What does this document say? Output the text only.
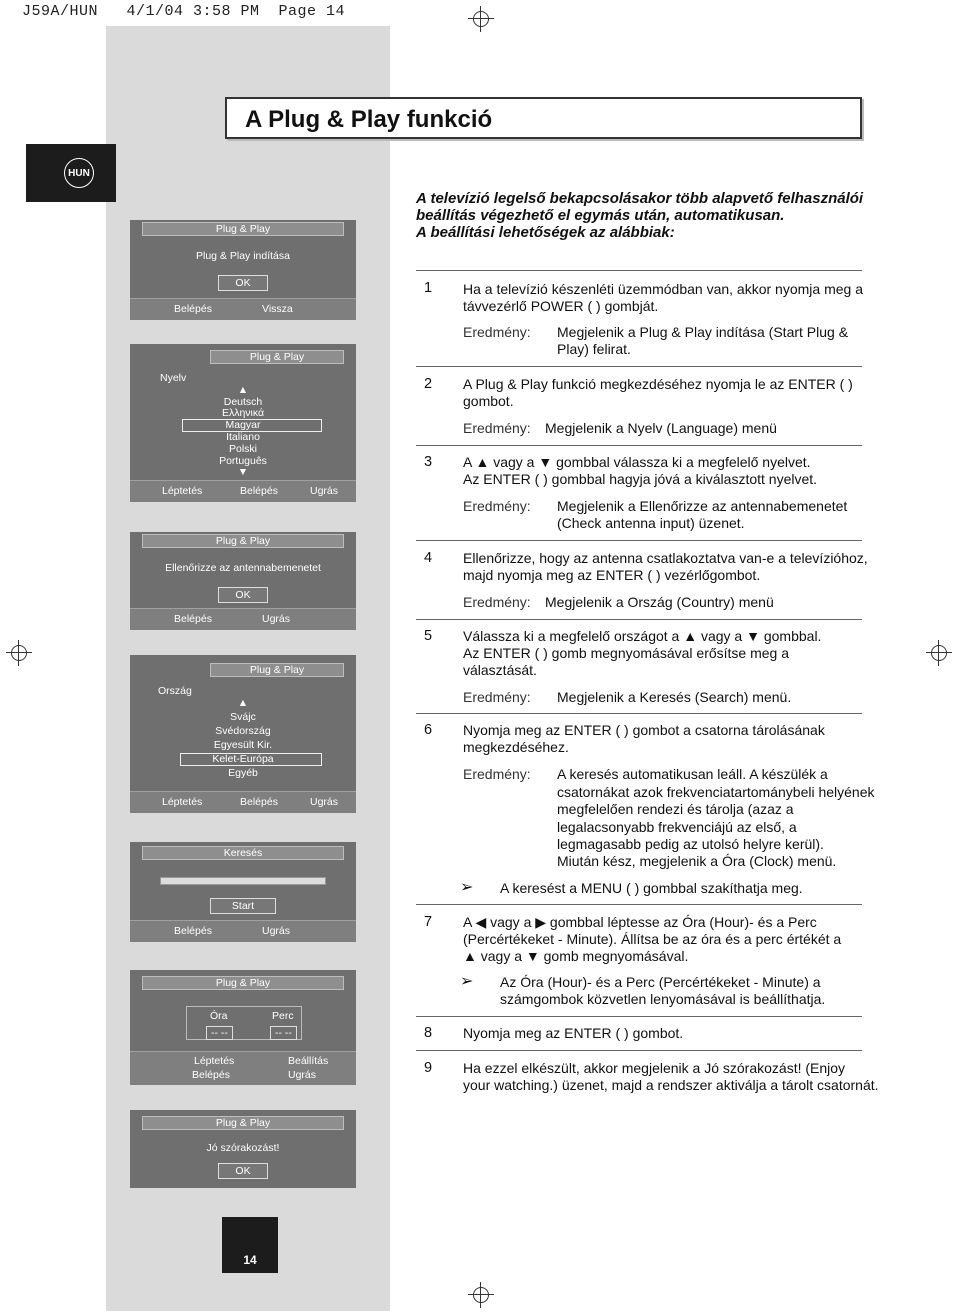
J59A/HUN   4/1/04 3:58 PM  Page 14
A Plug & Play funkció
HUN
Plug & Play
Plug & Play indítása
OK
Belépés	Vissza
Plug & Play
Nyelv
▲
Deutsch
Ελληνικά
Magyar
Italiano
Polski
Português
▼
Léptetés	Belépés	Ugrás
Plug & Play
Ellenőrizze az antennabemenetet
OK
Belépés	Ugrás
Plug & Play
Ország
▲
Svájc
Svédország
Egyesült Kir.
Kelet-Európa
Egyéb
Léptetés	Belépés	Ugrás
Keresés
Start
Belépés	Ugrás
Plug & Play
Óra	Perc
-- --	-- --
Léptetés	Beállítás
Belépés	Ugrás
Plug & Play
Jó szórakozást!
OK
14
A televízió legelső bekapcsolásakor több alapvető felhasználói
beállítás végezhető el egymás után, automatikusan.
A beállítási lehetőségek az alábbiak:
1 Ha a televízió készenléti üzemmódban van, akkor nyomja meg a
távvezérlő POWER ( ) gombját.
Eredmény: Megjelenik a Plug & Play indítása (Start Plug &
Play) felirat.
2 A Plug & Play funkció megkezdéséhez nyomja le az ENTER ( )
gombot.
Eredmény: Megjelenik a Nyelv (Language) menü
3 A ▲ vagy a ▼ gombbal válassza ki a megfelelő nyelvet.
Az ENTER ( ) gombbal hagyja jóvá a kiválasztott nyelvet.
Eredmény: Megjelenik a Ellenőrizze az antennabemenetet
(Check antenna input) üzenet.
4 Ellenőrizze, hogy az antenna csatlakoztatva van-e a televízióhoz,
majd nyomja meg az ENTER ( ) vezérlőgombot.
Eredmény: Megjelenik a Ország (Country) menü
5 Válassza ki a megfelelő országot a ▲ vagy a ▼ gombbal.
Az ENTER ( ) gomb megnyomásával erősítse meg a
választását.
Eredmény: Megjelenik a Keresés (Search) menü.
6 Nyomja meg az ENTER ( ) gombot a csatorna tárolásának
megkezdéséhez.
Eredmény: A keresés automatikusan leáll. A készülék a
csatornákat azok frekvenciatartománybeli helyének
megfelelően rendezi és tárolja (azaz a
legalacsonyabb frekvenciájú az első, a
legmagasabb pedig az utolsó helyre kerül).
Miután kész, megjelenik a Óra (Clock) menü.
➢ A keresést a MENU ( ) gombbal szakíthatja meg.
7 A ◀ vagy a ▶ gombbal léptesse az Óra (Hour)- és a Perc
(Percértékeket - Minute). Állítsa be az óra és a perc értékét a
▲ vagy a ▼ gomb megnyomásával.
➢ Az Óra (Hour)- és a Perc (Percértékeket - Minute) a
számgombok közvetlen lenyomásával is beállíthatja.
8 Nyomja meg az ENTER ( ) gombot.
9 Ha ezzel elkészült, akkor megjelenik a Jó szórakozást! (Enjoy
your watching.) üzenet, majd a rendszer aktiválja a tárolt csatornát.
